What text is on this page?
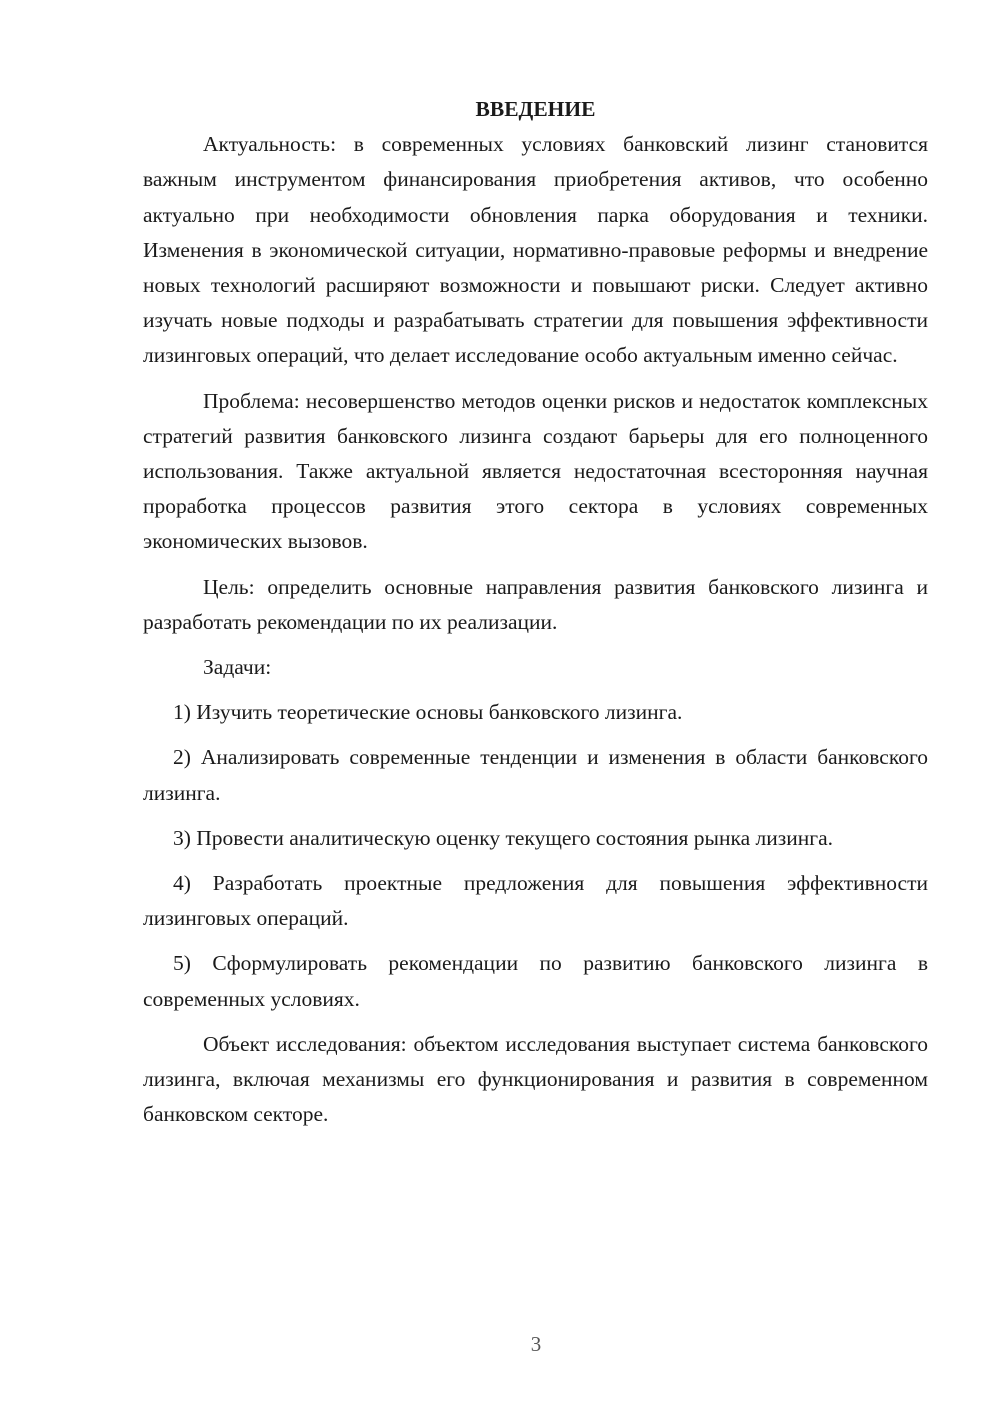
ВВЕДЕНИЕ

Актуальность: в современных условиях банковский лизинг становится важным инструментом финансирования приобретения активов, что особенно актуально при необходимости обновления парка оборудования и техники. Изменения в экономической ситуации, нормативно-правовые реформы и внедрение новых технологий расширяют возможности и повышают риски. Следует активно изучать новые подходы и разрабатывать стратегии для повышения эффективности лизинговых операций, что делает исследование особо актуальным именно сейчас.

Проблема: несовершенство методов оценки рисков и недостаток комплексных стратегий развития банковского лизинга создают барьеры для его полноценного использования. Также актуальной является недостаточная всесторонняя научная проработка процессов развития этого сектора в условиях современных экономических вызовов.

Цель: определить основные направления развития банковского лизинга и разработать рекомендации по их реализации.

Задачи:

1) Изучить теоретические основы банковского лизинга.

2) Анализировать современные тенденции и изменения в области банковского лизинга.

3) Провести аналитическую оценку текущего состояния рынка лизинга.

4) Разработать проектные предложения для повышения эффективности лизинговых операций.

5) Сформулировать рекомендации по развитию банковского лизинга в современных условиях.

Объект исследования: объектом исследования выступает система банковского лизинга, включая механизмы его функционирования и развития в современном банковском секторе.

3
